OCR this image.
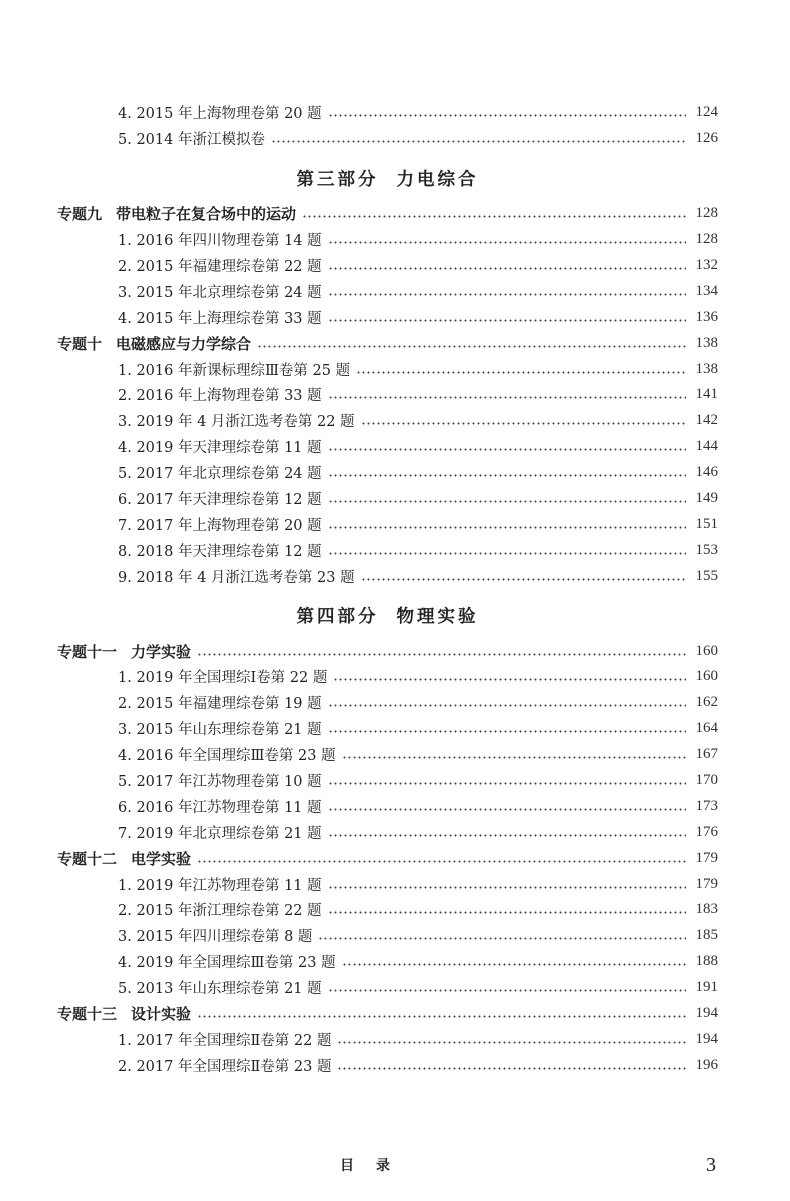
4. 2015 年上海物理卷第 20 题	124
5. 2014 年浙江模拟卷	126
第三部分 力电综合
专题九 带电粒子在复合场中的运动	128
1. 2016 年四川物理卷第 14 题	128
2. 2015 年福建理综卷第 22 题	132
3. 2015 年北京理综卷第 24 题	134
4. 2015 年上海理综卷第 33 题	136
专题十 电磁感应与力学综合	138
1. 2016 年新课标理综Ⅲ卷第 25 题	138
2. 2016 年上海物理卷第 33 题	141
3. 2019 年 4 月浙江选考卷第 22 题	142
4. 2019 年天津理综卷第 11 题	144
5. 2017 年北京理综卷第 24 题	146
6. 2017 年天津理综卷第 12 题	149
7. 2017 年上海物理卷第 20 题	151
8. 2018 年天津理综卷第 12 题	153
9. 2018 年 4 月浙江选考卷第 23 题	155
第四部分 物理实验
专题十一 力学实验	160
1. 2019 年全国理综Ⅰ卷第 22 题	160
2. 2015 年福建理综卷第 19 题	162
3. 2015 年山东理综卷第 21 题	164
4. 2016 年全国理综Ⅲ卷第 23 题	167
5. 2017 年江苏物理卷第 10 题	170
6. 2016 年江苏物理卷第 11 题	173
7. 2019 年北京理综卷第 21 题	176
专题十二 电学实验	179
1. 2019 年江苏物理卷第 11 题	179
2. 2015 年浙江理综卷第 22 题	183
3. 2015 年四川理综卷第 8 题	185
4. 2019 年全国理综Ⅲ卷第 23 题	188
5. 2013 年山东理综卷第 21 题	191
专题十三 设计实验	194
1. 2017 年全国理综Ⅱ卷第 22 题	194
2. 2017 年全国理综Ⅱ卷第 23 题	196
目录	3
